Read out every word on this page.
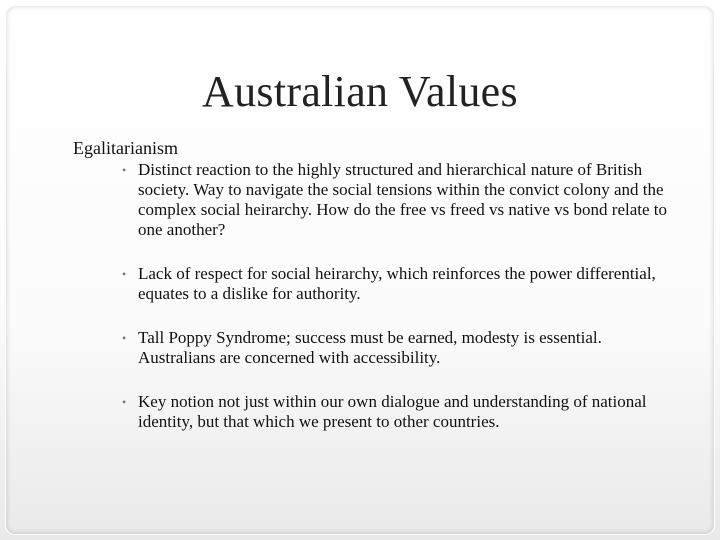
Australian Values
Egalitarianism
• Distinct reaction to the highly structured and hierarchical nature of British society. Way to navigate the social tensions within the convict colony and the complex social heirarchy. How do the free vs freed vs native vs bond relate to one another?
• Lack of respect for social heirarchy, which reinforces the power differential, equates to a dislike for authority.
• Tall Poppy Syndrome; success must be earned, modesty is essential. Australians are concerned with accessibility.
• Key notion not just within our own dialogue and understanding of national identity, but that which we present to other countries.
